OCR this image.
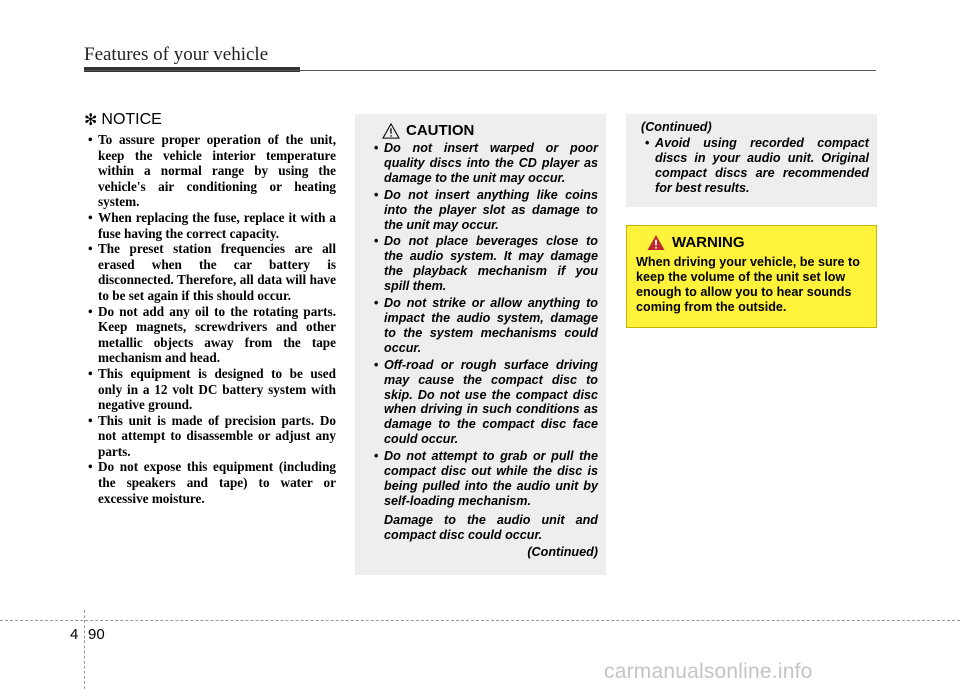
Features of your vehicle
✻ NOTICE
• To assure proper operation of the unit, keep the vehicle interior temperature within a normal range by using the vehicle's air conditioning or heating system.
• When replacing the fuse, replace it with a fuse having the correct capacity.
• The preset station frequencies are all erased when the car battery is disconnected. Therefore, all data will have to be set again if this should occur.
• Do not add any oil to the rotating parts. Keep magnets, screwdrivers and other metallic objects away from the tape mechanism and head.
• This equipment is designed to be used only in a 12 volt DC battery system with negative ground.
• This unit is made of precision parts. Do not attempt to disassemble or adjust any parts.
• Do not expose this equipment (including the speakers and tape) to water or excessive moisture.
CAUTION
• Do not insert warped or poor quality discs into the CD player as damage to the unit may occur.
• Do not insert anything like coins into the player slot as damage to the unit may occur.
• Do not place beverages close to the audio system. It may damage the playback mechanism if you spill them.
• Do not strike or allow anything to impact the audio system, damage to the system mechanisms could occur.
• Off-road or rough surface driving may cause the compact disc to skip. Do not use the compact disc when driving in such conditions as damage to the compact disc face could occur.
• Do not attempt to grab or pull the compact disc out while the disc is being pulled into the audio unit by self-loading mechanism.
Damage to the audio unit and compact disc could occur.
(Continued)
(Continued)
• Avoid using recorded compact discs in your audio unit. Original compact discs are recommended for best results.
WARNING
When driving your vehicle, be sure to keep the volume of the unit set low enough to allow you to hear sounds coming from the outside.
4 90
carmanualsonline.info
